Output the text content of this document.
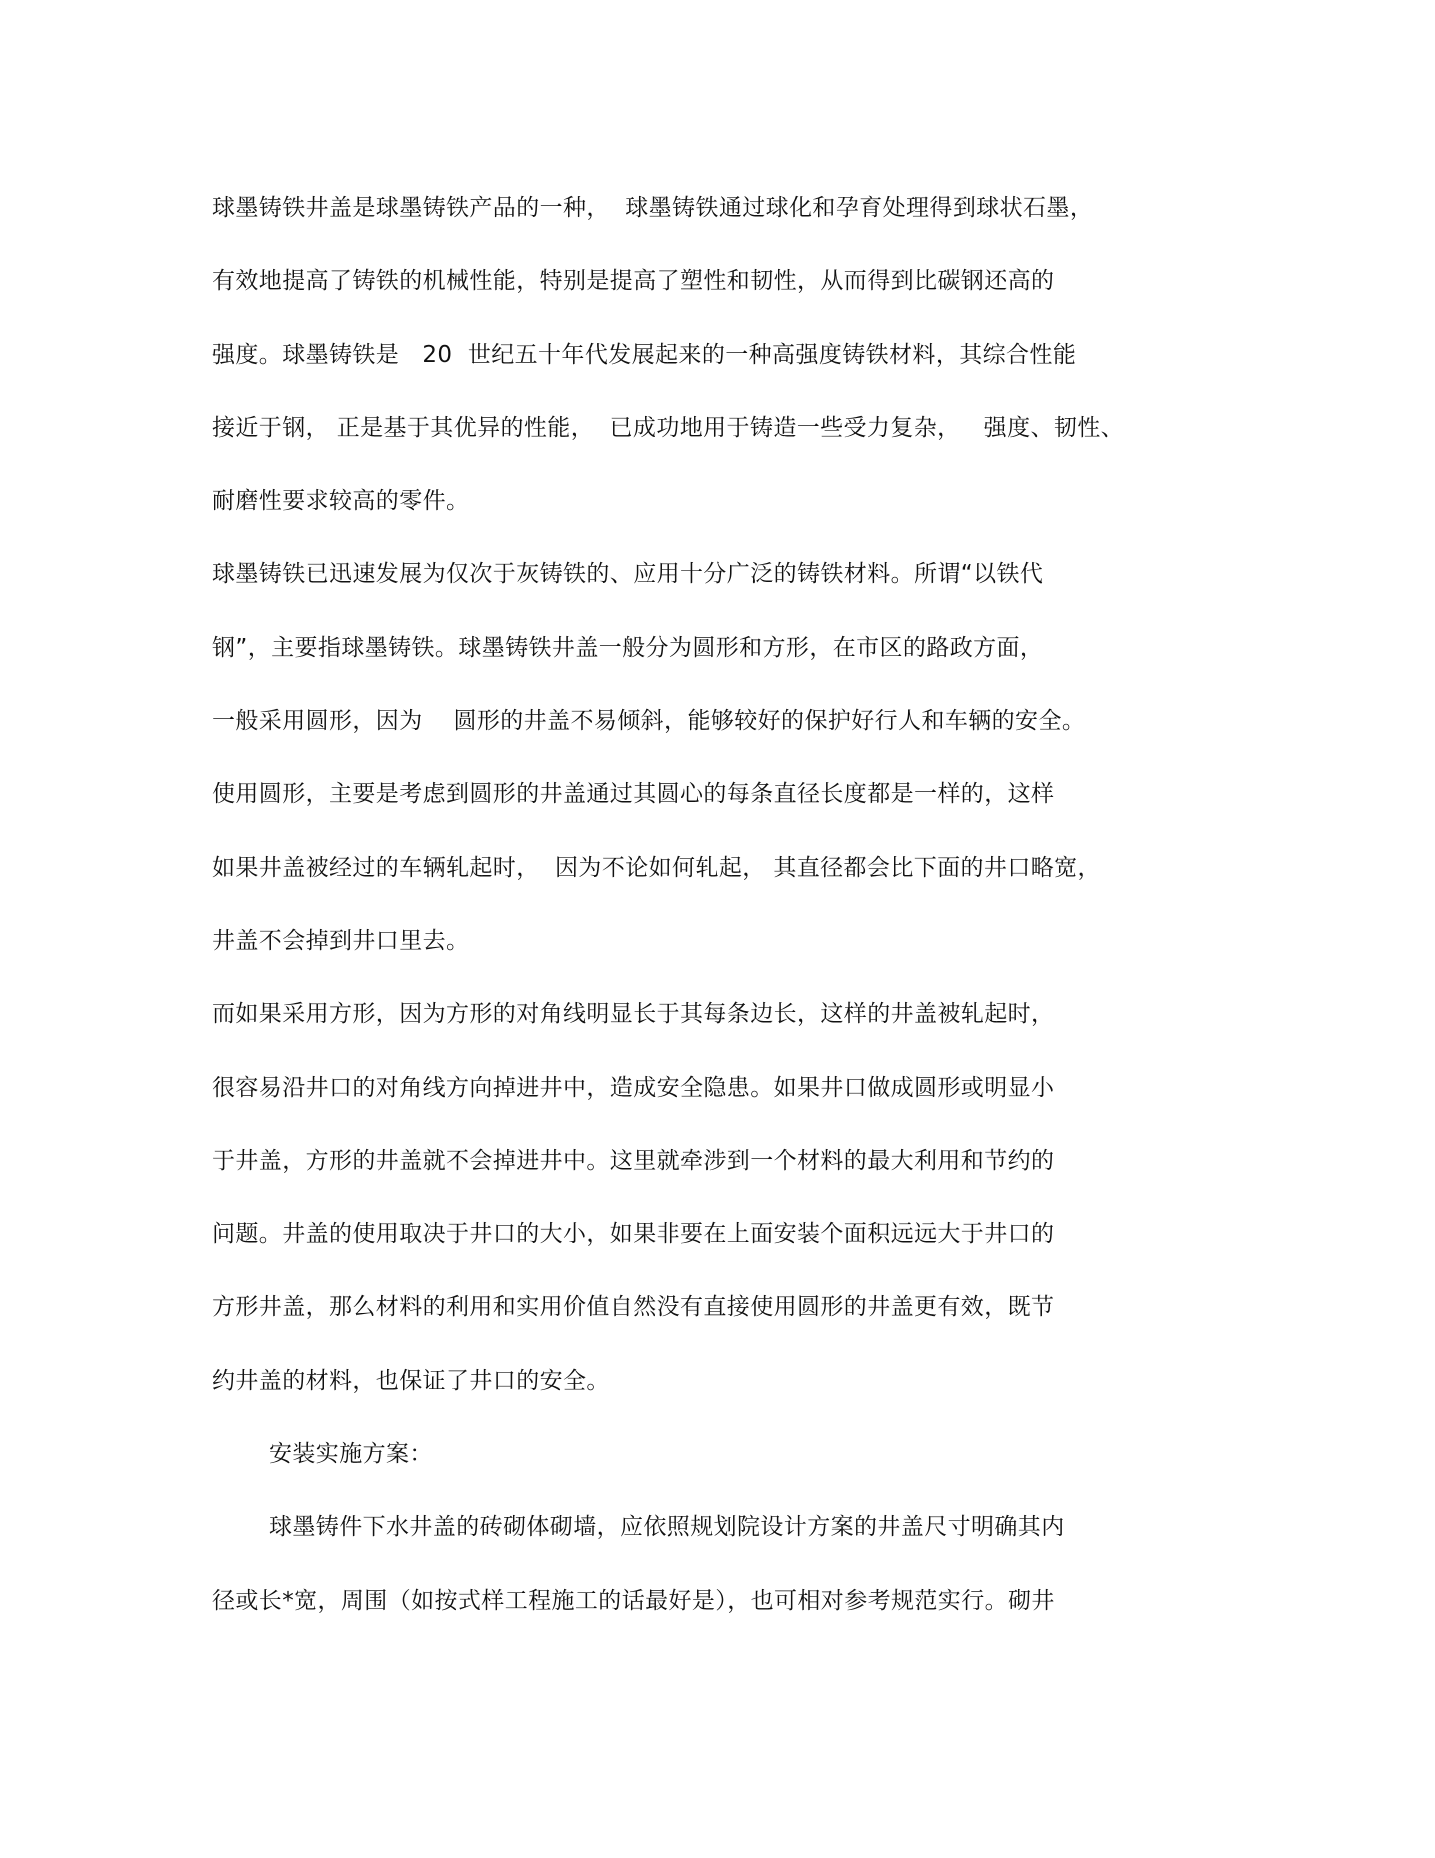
球墨铸铁井盖是球墨铸铁产品的一种，  球墨铸铁通过球化和孕育处理得到球状石墨，
有效地提高了铸铁的机械性能，特别是提高了塑性和韧性，从而得到比碳钢还高的
强度。球墨铸铁是   20  世纪五十年代发展起来的一种高强度铸铁材料，其综合性能
接近于钢， 正是基于其优异的性能，  已成功地用于铸造一些受力复杂，   强度、韧性、
耐磨性要求较高的零件。
球墨铸铁已迅速发展为仅次于灰铸铁的、应用十分广泛的铸铁材料。所谓“以铁代
钢”，主要指球墨铸铁。球墨铸铁井盖一般分为圆形和方形，在市区的路政方面，
一般采用圆形，因为    圆形的井盖不易倾斜，能够较好的保护好行人和车辆的安全。
使用圆形，主要是考虑到圆形的井盖通过其圆心的每条直径长度都是一样的，这样
如果井盖被经过的车辆轧起时，  因为不论如何轧起， 其直径都会比下面的井口略宽，
井盖不会掉到井口里去。
而如果采用方形，因为方形的对角线明显长于其每条边长，这样的井盖被轧起时，
很容易沿井口的对角线方向掉进井中，造成安全隐患。如果井口做成圆形或明显小
于井盖，方形的井盖就不会掉进井中。这里就牵涉到一个材料的最大利用和节约的
问题。井盖的使用取决于井口的大小，如果非要在上面安装个面积远远大于井口的
方形井盖，那么材料的利用和实用价值自然没有直接使用圆形的井盖更有效，既节
约井盖的材料，也保证了井口的安全。
安装实施方案：
球墨铸件下水井盖的砖砌体砌墙，应依照规划院设计方案的井盖尺寸明确其内
径或长*宽，周围（如按式样工程施工的话最好是），也可相对参考规范实行。砌井
